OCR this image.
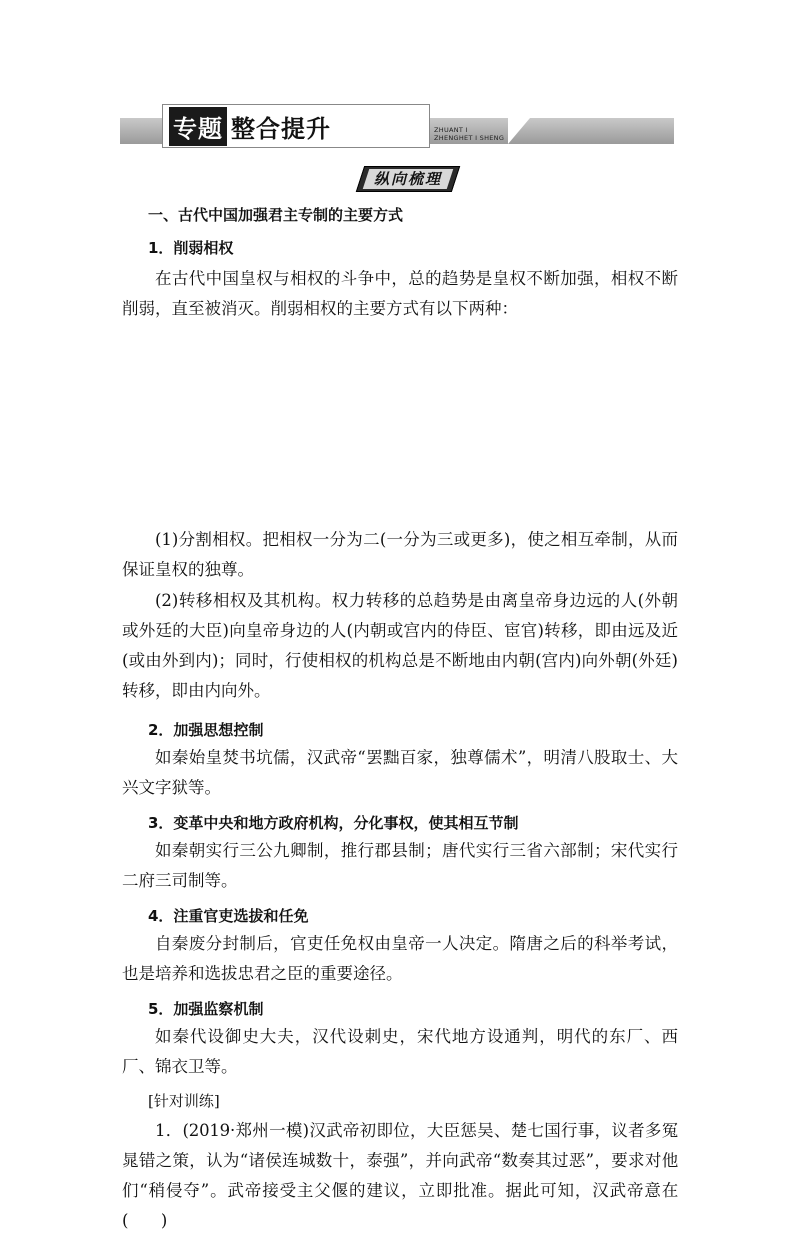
专题 整合提升	ZHUANT I
ZHENGHET I SHENG
纵向梳理
一、古代中国加强君主专制的主要方式
1．削弱相权
在古代中国皇权与相权的斗争中，总的趋势是皇权不断加强，相权不断削弱，直至被消灭。削弱相权的主要方式有以下两种：
(1)分割相权。把相权一分为二(一分为三或更多)，使之相互牵制，从而保证皇权的独尊。
(2)转移相权及其机构。权力转移的总趋势是由离皇帝身边远的人(外朝或外廷的大臣)向皇帝身边的人(内朝或宫内的侍臣、宦官)转移，即由远及近(或由外到内)；同时，行使相权的机构总是不断地由内朝(宫内)向外朝(外廷)转移，即由内向外。
2．加强思想控制
如秦始皇焚书坑儒，汉武帝“罢黜百家，独尊儒术”，明清八股取士、大兴文字狱等。
3．变革中央和地方政府机构，分化事权，使其相互节制
如秦朝实行三公九卿制，推行郡县制；唐代实行三省六部制；宋代实行二府三司制等。
4．注重官吏选拔和任免
自秦废分封制后，官吏任免权由皇帝一人决定。隋唐之后的科举考试，也是培养和选拔忠君之臣的重要途径。
5．加强监察机制
如秦代设御史大夫，汉代设刺史，宋代地方设通判，明代的东厂、西厂、锦衣卫等。
[针对训练]
1．(2019·郑州一模)汉武帝初即位，大臣惩吴、楚七国行事，议者多冤晁错之策，认为“诸侯连城数十，泰强”，并向武帝“数奏其过恶”，要求对他们“稍侵夺”。武帝接受主父偃的建议，立即批准。据此可知，汉武帝意在(　　)
